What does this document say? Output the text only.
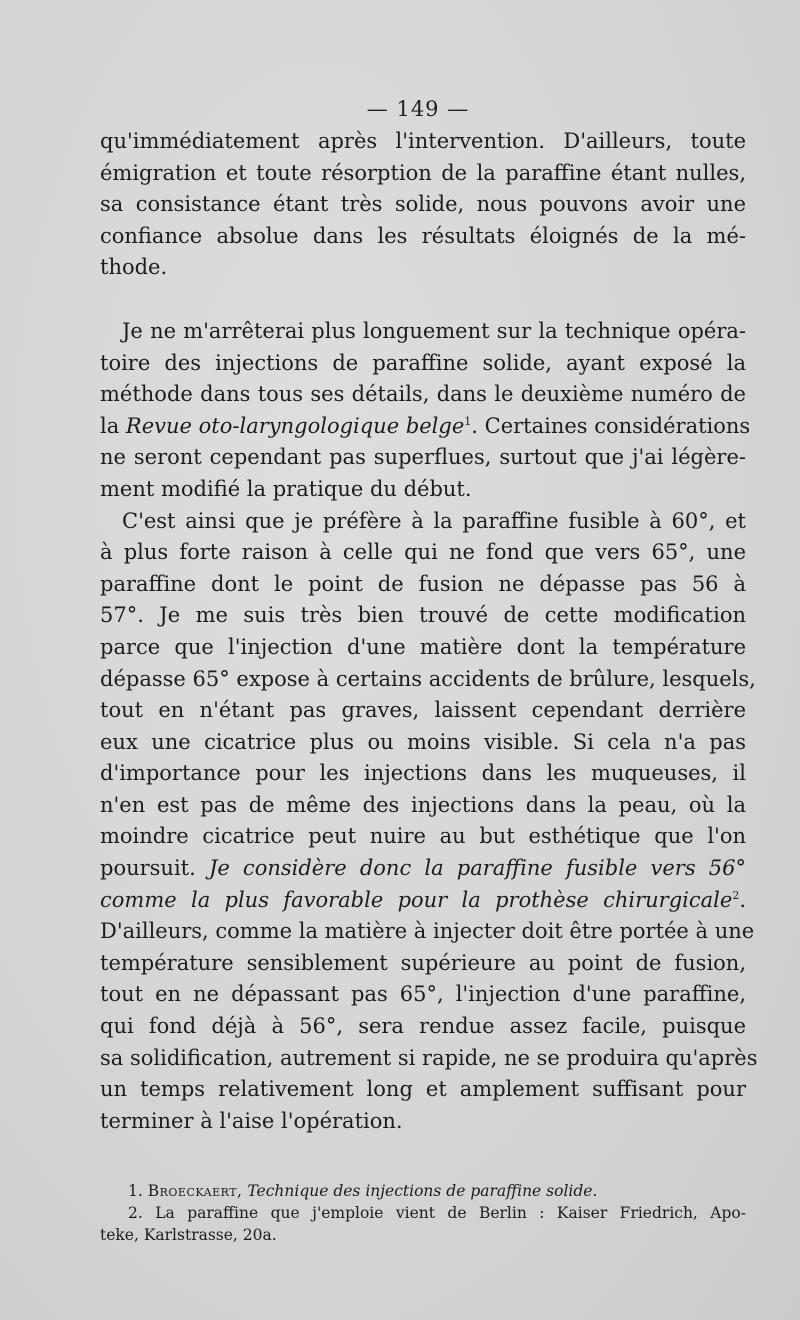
— 149 —

qu'immédiatement après l'intervention. D'ailleurs, toute
émigration et toute résorption de la paraffine étant nulles,
sa consistance étant très solide, nous pouvons avoir une
confiance absolue dans les résultats éloignés de la mé-
thode.

Je ne m'arrêterai plus longuement sur la technique opéra-
toire des injections de paraffine solide, ayant exposé la
méthode dans tous ses détails, dans le deuxième numéro de
la Revue oto-laryngologique belge$^1$. Certaines considérations
ne seront cependant pas superflues, surtout que j'ai légère-
ment modifié la pratique du début.

C'est ainsi que je préfère à la paraffine fusible à 60°, et
à plus forte raison à celle qui ne fond que vers 65°, une
paraffine dont le point de fusion ne dépasse pas 56 à
57°. Je me suis très bien trouvé de cette modification
parce que l'injection d'une matière dont la température
dépasse 65° expose à certains accidents de brûlure, lesquels,
tout en n'étant pas graves, laissent cependant derrière
eux une cicatrice plus ou moins visible. Si cela n'a pas
d'importance pour les injections dans les muqueuses, il
n'en est pas de même des injections dans la peau, où la
moindre cicatrice peut nuire au but esthétique que l'on
poursuit. Je considère donc la paraffine fusible vers 56°
comme la plus favorable pour la prothèse chirurgicale$^2$.
D'ailleurs, comme la matière à injecter doit être portée à une
température sensiblement supérieure au point de fusion,
tout en ne dépassant pas 65°, l'injection d'une paraffine,
qui fond déjà à 56°, sera rendue assez facile, puisque
sa solidification, autrement si rapide, ne se produira qu'après
un temps relativement long et amplement suffisant pour
terminer à l'aise l'opération.

1. Broeckaert, Technique des injections de paraffine solide.
2. La paraffine que j'emploie vient de Berlin : Kaiser Friedrich, Apo-
teke, Karlstrasse, 20a.
